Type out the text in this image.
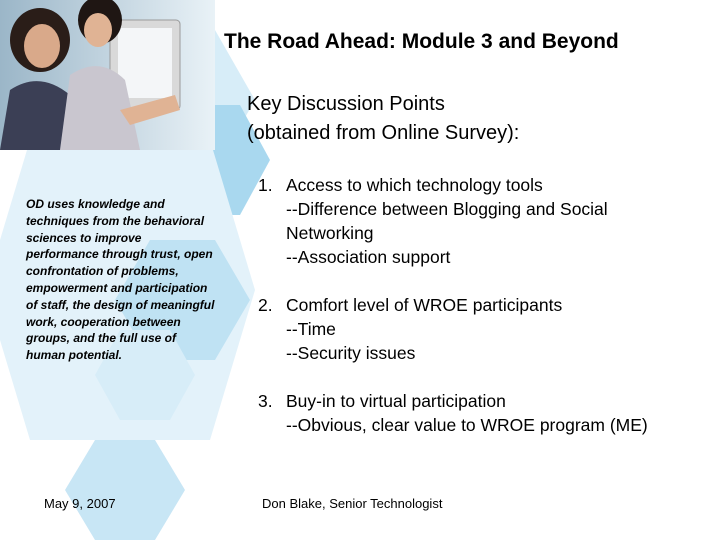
The Road Ahead: Module 3 and Beyond
Key Discussion Points
(obtained from Online Survey):
OD uses knowledge and techniques from the behavioral sciences to improve performance through trust, open confrontation of problems, empowerment and participation of staff, the design of meaningful work, cooperation between groups, and the full use of human potential.
1. Access to which technology tools
--Difference between Blogging and Social Networking
--Association support
2. Comfort level of WROE participants
--Time
--Security issues
3. Buy-in to virtual participation
--Obvious, clear value to WROE program (ME)
May 9, 2007	Don Blake, Senior Technologist
